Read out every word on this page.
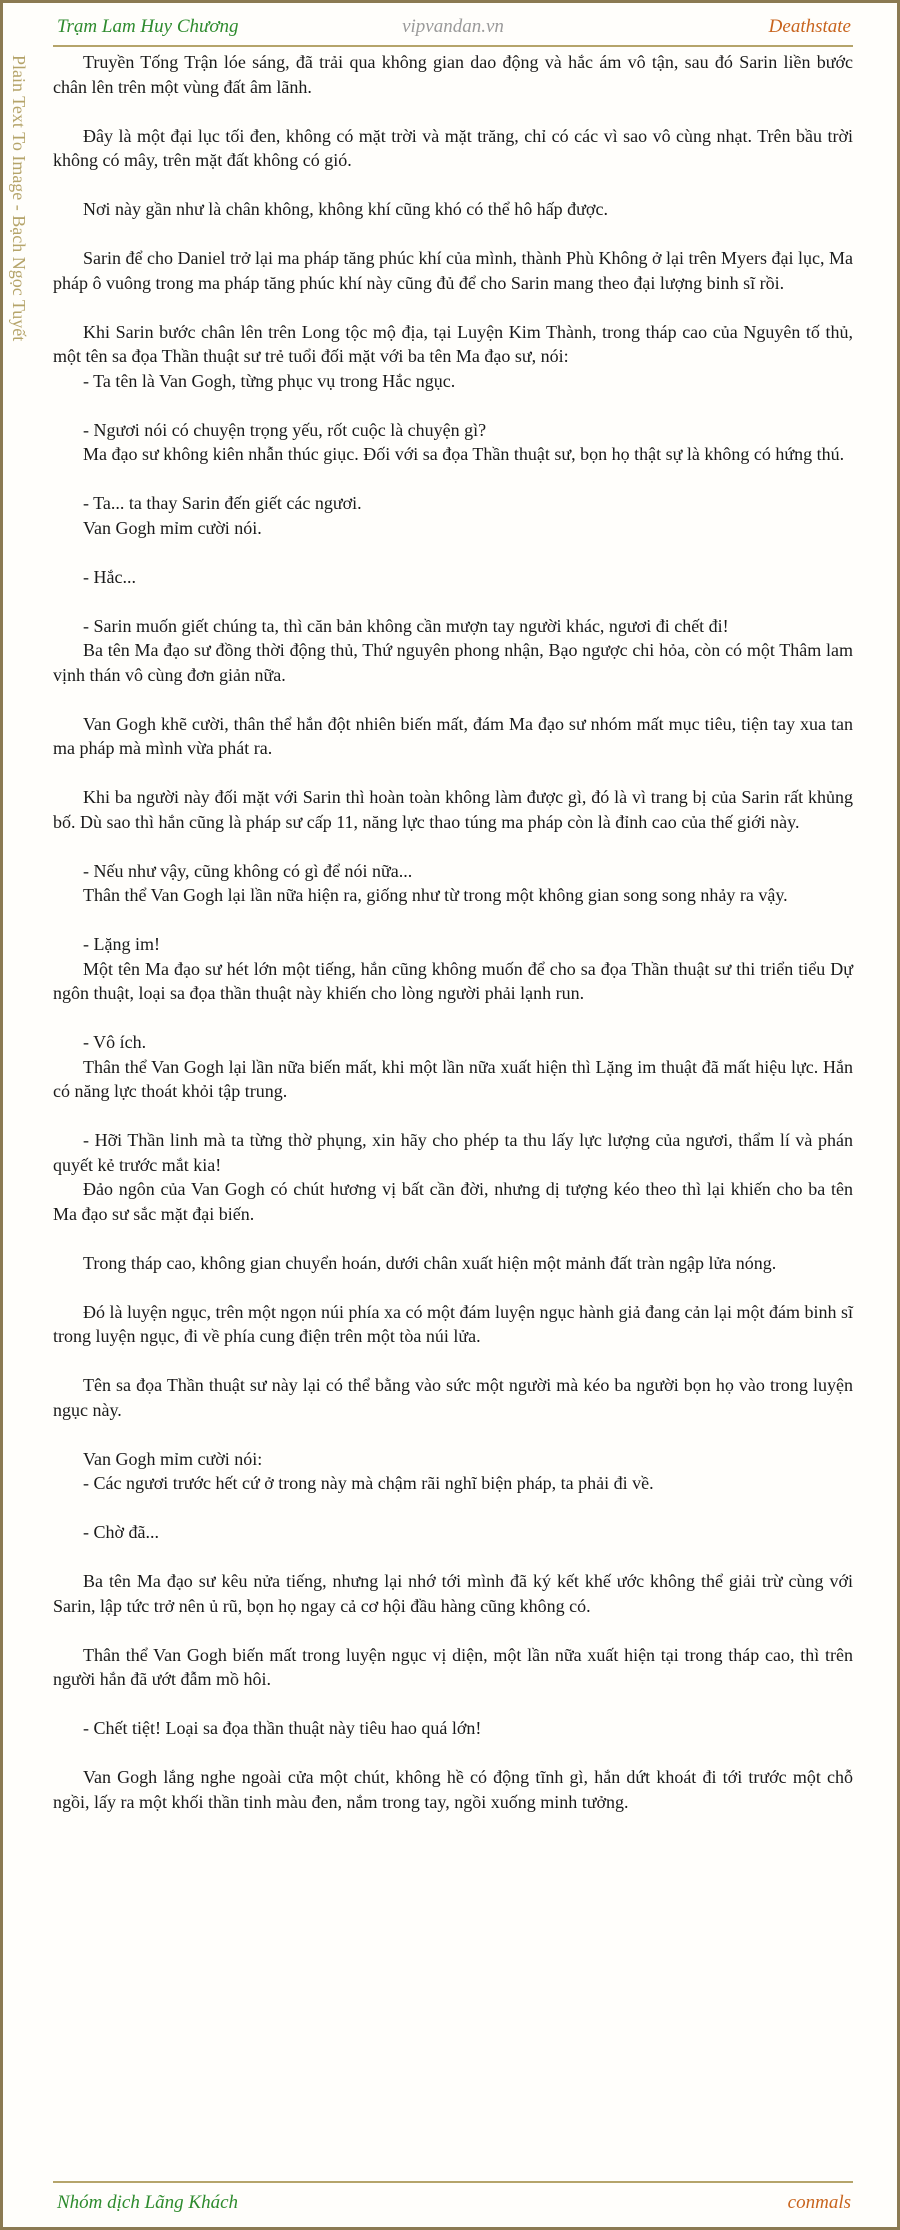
Trạm Lam Huy Chương	vipvandan.vn	Deathstate
Plain Text To Image - Bạch Ngọc Tuyết	Truyền Tống Trận lóe sáng, đã trải qua không gian dao động và hắc ám vô tận, sau đó Sarin liền bước chân lên trên một vùng đất âm lãnh.

Đây là một đại lục tối đen, không có mặt trời và mặt trăng, chỉ có các vì sao vô cùng nhạt. Trên bầu trời không có mây, trên mặt đất không có gió.

Nơi này gần như là chân không, không khí cũng khó có thể hô hấp được.

Sarin để cho Daniel trở lại ma pháp tăng phúc khí của mình, thành Phù Không ở lại trên Myers đại lục, Ma pháp ô vuông trong ma pháp tăng phúc khí này cũng đủ để cho Sarin mang theo đại lượng binh sĩ rồi.

Khi Sarin bước chân lên trên Long tộc mộ địa, tại Luyện Kim Thành, trong tháp cao của Nguyên tố thủ, một tên sa đọa Thần thuật sư trẻ tuổi đối mặt với ba tên Ma đạo sư, nói:
- Ta tên là Van Gogh, từng phục vụ trong Hắc ngục.

- Ngươi nói có chuyện trọng yếu, rốt cuộc là chuyện gì?
Ma đạo sư không kiên nhẫn thúc giục. Đối với sa đọa Thần thuật sư, bọn họ thật sự là không có hứng thú.

- Ta... ta thay Sarin đến giết các ngươi.
Van Gogh mỉm cười nói.

- Hắc...

- Sarin muốn giết chúng ta, thì căn bản không cần mượn tay người khác, ngươi đi chết đi!
Ba tên Ma đạo sư đồng thời động thủ, Thứ nguyên phong nhận, Bạo ngược chi hỏa, còn có một Thâm lam vịnh thán vô cùng đơn giản nữa.

Van Gogh khẽ cười, thân thể hắn đột nhiên biến mất, đám Ma đạo sư nhóm mất mục tiêu, tiện tay xua tan ma pháp mà mình vừa phát ra.

Khi ba người này đối mặt với Sarin thì hoàn toàn không làm được gì, đó là vì trang bị của Sarin rất khủng bố. Dù sao thì hắn cũng là pháp sư cấp 11, năng lực thao túng ma pháp còn là đỉnh cao của thế giới này.

- Nếu như vậy, cũng không có gì để nói nữa...
Thân thể Van Gogh lại lần nữa hiện ra, giống như từ trong một không gian song song nhảy ra vậy.

- Lặng im!
Một tên Ma đạo sư hét lớn một tiếng, hắn cũng không muốn để cho sa đọa Thần thuật sư thi triển tiểu Dự ngôn thuật, loại sa đọa thần thuật này khiến cho lòng người phải lạnh run.

- Vô ích.
Thân thể Van Gogh lại lần nữa biến mất, khi một lần nữa xuất hiện thì Lặng im thuật đã mất hiệu lực. Hắn có năng lực thoát khỏi tập trung.

- Hỡi Thần linh mà ta từng thờ phụng, xin hãy cho phép ta thu lấy lực lượng của ngươi, thẩm lí và phán quyết kẻ trước mắt kia!
Đảo ngôn của Van Gogh có chút hương vị bất cần đời, nhưng dị tượng kéo theo thì lại khiến cho ba tên Ma đạo sư sắc mặt đại biến.

Trong tháp cao, không gian chuyển hoán, dưới chân xuất hiện một mảnh đất tràn ngập lửa nóng.

Đó là luyện ngục, trên một ngọn núi phía xa có một đám luyện ngục hành giả đang cản lại một đám binh sĩ trong luyện ngục, đi về phía cung điện trên một tòa núi lửa.

Tên sa đọa Thần thuật sư này lại có thể bằng vào sức một người mà kéo ba người bọn họ vào trong luyện ngục này.

Van Gogh mỉm cười nói:
- Các ngươi trước hết cứ ở trong này mà chậm rãi nghĩ biện pháp, ta phải đi về.

- Chờ đã...

Ba tên Ma đạo sư kêu nửa tiếng, nhưng lại nhớ tới mình đã ký kết khế ước không thể giải trừ cùng với Sarin, lập tức trở nên ủ rũ, bọn họ ngay cả cơ hội đầu hàng cũng không có.

Thân thể Van Gogh biến mất trong luyện ngục vị diện, một lần nữa xuất hiện tại trong tháp cao, thì trên người hắn đã ướt đẫm mồ hôi.

- Chết tiệt! Loại sa đọa thần thuật này tiêu hao quá lớn!

Van Gogh lắng nghe ngoài cửa một chút, không hề có động tĩnh gì, hắn dứt khoát đi tới trước một chỗ ngồi, lấy ra một khối thần tinh màu đen, nắm trong tay, ngồi xuống minh tưởng.

Nhóm dịch Lãng Khách	conmals
